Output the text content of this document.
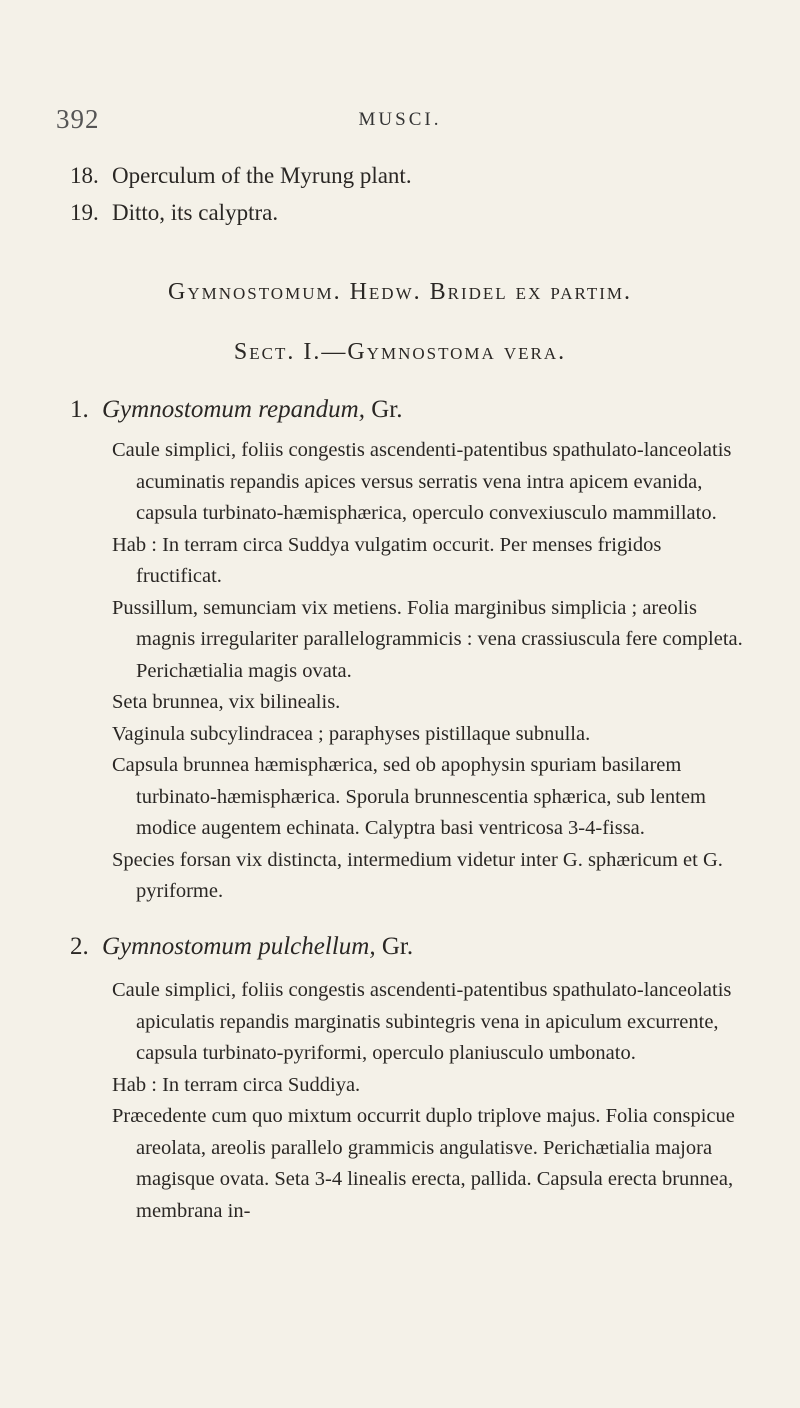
392	MUSCI.
18. Operculum of the Myrung plant.
19. Ditto, its calyptra.
Gymnostomum. Hedw. Bridel ex partim.
Sect. I.—Gymnostoma vera.
1. Gymnostomum repandum, Gr.

Caule simplici, foliis congestis ascendenti-patentibus spathulato-lanceolatis acuminatis repandis apices versus serratis vena intra apicem evanida, capsula turbinato-hæmisphærica, operculo convexiusculo mammillato.

Hab : In terram circa Suddya vulgatim occurit. Per menses frigidos fructificat.

Pussillum, semunciam vix metiens. Folia marginibus simplicia ; areolis magnis irregulariter parallelogrammicis : vena crassiuscula fere completa. Perichætialia magis ovata.

Seta brunnea, vix bilinealis.

Vaginula subcylindracea ; paraphyses pistillaque subnulla.

Capsula brunnea hæmisphærica, sed ob apophysin spuriam basilarem turbinato-hæmisphærica. Sporula brunnescentia sphærica, sub lentem modice augentem echinata. Calyptra basi ventricosa 3-4-fissa.

Species forsan vix distincta, intermedium videtur inter G. sphæricum et G. pyriforme.

2. Gymnostomum pulchellum, Gr.

Caule simplici, foliis congestis ascendenti-patentibus spathulato-lanceolatis apiculatis repandis marginatis subintegris vena in apiculum excurrente, capsula turbinato-pyriformi, operculo planiusculo umbonato.

Hab : In terram circa Suddiya.

Præcedente cum quo mixtum occurrit duplo triplove majus. Folia conspicue areolata, areolis parallelo grammicis angulatisve. Perichætialia majora magisque ovata. Seta 3-4 linealis erecta, pallida. Capsula erecta brunnea, membrana in-
